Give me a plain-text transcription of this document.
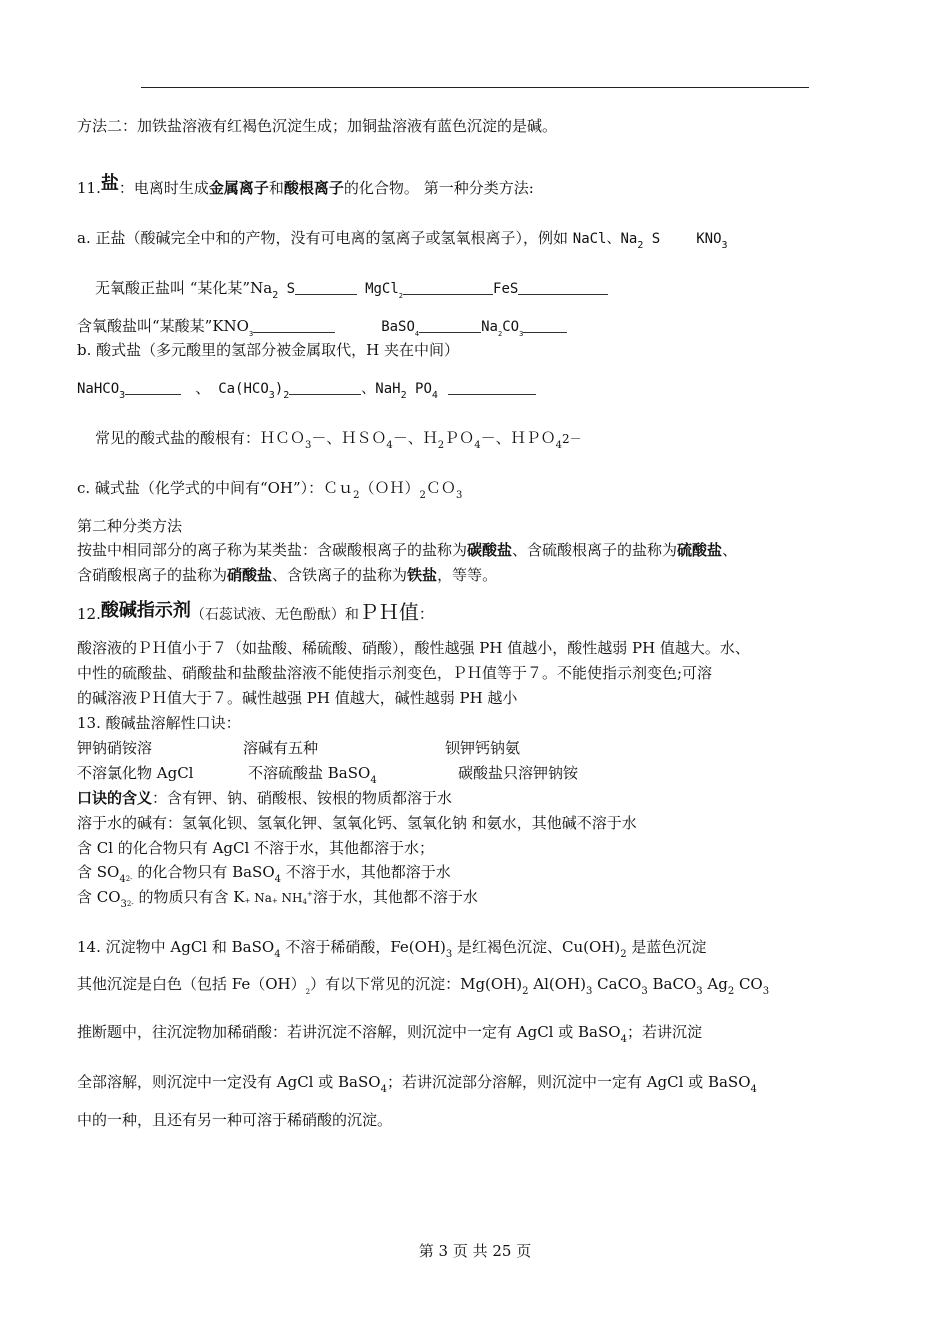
方法二：加铁盐溶液有红褐色沉淀生成；加铜盐溶液有蓝色沉淀的是碱。
11.盐：电离时生成金属离子和酸根离子的化合物。 第一种分类方法:
a. 正盐（酸碱完全中和的产物，没有可电离的氢离子或氢氧根离子），例如 NaCl、$Na_2$ S	$KNO_3$
无氧酸正盐叫 “某化某$”Na_2$ S	MgCl$_2$	FeS
含氧酸盐叫“某酸某$”KNO_3$	BaSO$_4$	$Na_2CO_3$
b. 酸式盐（多元酸里的氢部分被金属取代，H 夹在中间）
NaHCO$_3$	、 $Ca(HCO_3)_2$	、NaH$_2$ $PO_4$
常见的酸式盐的酸根有：ＨＣＯ$_3$－、ＨＳＯ$_4$－、Ｈ$_2$ＰＯ$_4$－、ＨＰＯ$_4$2－
c. 碱式盐（化学式的中间有“OH”）：$Cu_2(OH)_2CO_3$
第二种分类方法
按盐中相同部分的离子称为某类盐：含碳酸根离子的盐称为碳酸盐、含硫酸根离子的盐称为硫酸盐、
含硝酸根离子的盐称为硝酸盐、含铁离子的盐称为铁盐，等等。
12.酸碱指示剂（石蕊试液、无色酚酞）和ＰＨ值：
酸溶液的ＰＨ值小于７（如盐酸、稀硫酸、硝酸），酸性越强 PH 值越小，酸性越弱 PH 值越大。水、
中性的硫酸盐、硝酸盐和盐酸盐溶液不能使指示剂变色，ＰＨ值等于７。不能使指示剂变色;可溶
的碱溶液ＰＨ值大于７。碱性越强 PH 值越大，碱性越弱 PH 越小
13. 酸碱盐溶解性口诀：
钾钠硝铵溶	溶碱有五种	钡钾钙钠氨
不溶氯化物 AgCl	不溶硫酸盐 BaSO$_4$	碳酸盐只溶钾钠铵
口诀的含义：含有钾、钠、硝酸根、铵根的物质都溶于水
溶于水的碱有：氢氧化钡、氢氧化钾、氢氧化钙、氢氧化钠 和氨水，其他碱不溶于水
含 Cl 的化合物只有 AgCl 不溶于水，其他都溶于水；
含 $SO_{42-}$ 的化合物只有 BaSO$_4$ 不溶于水，其他都溶于水
含 $CO_{32-}$ 的物质只有含 K+ Na+ NH4+溶于水，其他都不溶于水
14. 沉淀物中 AgCl 和 BaSO$_4$ 不溶于稀硝酸，$Fe(OH)_3$ 是红褐色沉淀、$Cu(OH)_2$ 是蓝色沉淀
其他沉淀是白色（包括 $Fe(OH)_2$）有以下常见的沉淀：$Mg(OH)_2$ $Al(OH)_3$ CaCO$_3$ BaCO$_3$ $Ag_2$ $CO_3$
推断题中，往沉淀物加稀硝酸：若讲沉淀不溶解，则沉淀中一定有 AgCl 或 BaSO$_4$；若讲沉淀
全部溶解，则沉淀中一定没有 AgCl 或 BaSO$_4$；若讲沉淀部分溶解，则沉淀中一定有 AgCl 或 BaSO$_4$
中的一种，且还有另一种可溶于稀硝酸的沉淀。
第 3 页 共 25 页
